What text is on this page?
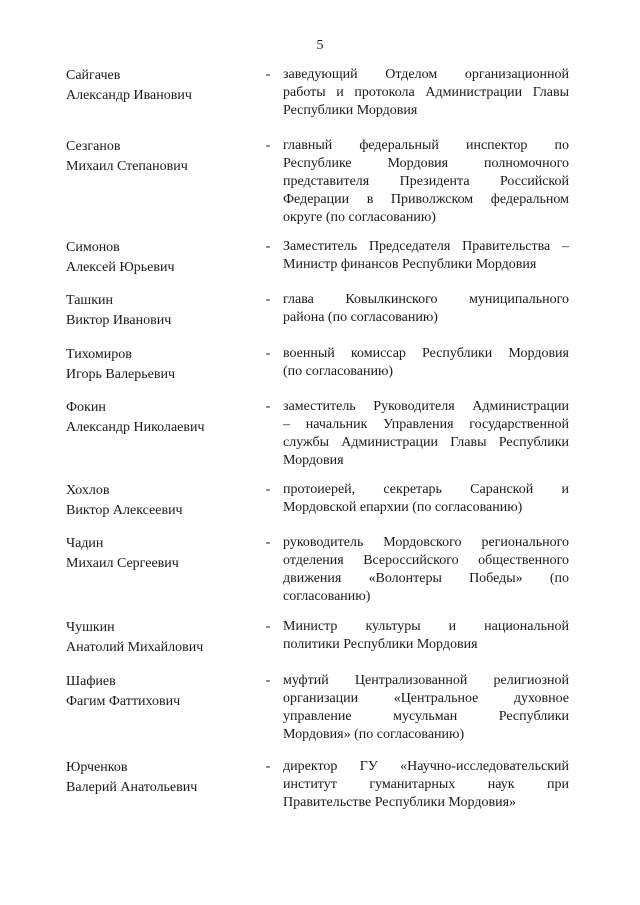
5
Сайгачев
Александр Иванович
- заведующий Отделом организационной
работы и протокола Администрации Главы
Республики Мордовия
Сезганов
Михаил Степанович
- главный федеральный инспектор по
Республике Мордовия полномочного
представителя Президента Российской
Федерации в Приволжском федеральном
округе (по согласованию)
Симонов
Алексей Юрьевич
- Заместитель Председателя Правительства –
Министр финансов Республики Мордовия
Ташкин
Виктор Иванович
- глава Ковылкинского муниципального
района (по согласованию)
Тихомиров
Игорь Валерьевич
- военный комиссар Республики Мордовия
(по согласованию)
Фокин
Александр Николаевич
- заместитель Руководителя Администрации
– начальник Управления государственной
службы Администрации Главы Республики
Мордовия
Хохлов
Виктор Алексеевич
- протоиерей, секретарь Саранской и
Мордовской епархии (по согласованию)
Чадин
Михаил Сергеевич
- руководитель Мордовского регионального
отделения Всероссийского общественного
движения «Волонтеры Победы» (по
согласованию)
Чушкин
Анатолий Михайлович
- Министр культуры и национальной
политики Республики Мордовия
Шафиев
Фагим Фаттихович
- муфтий Централизованной религиозной
организации «Центральное духовное
управление мусульман Республики
Мордовия» (по согласованию)
Юрченков
Валерий Анатольевич
- директор ГУ «Научно-исследовательский
институт гуманитарных наук при
Правительстве Республики Мордовия»
